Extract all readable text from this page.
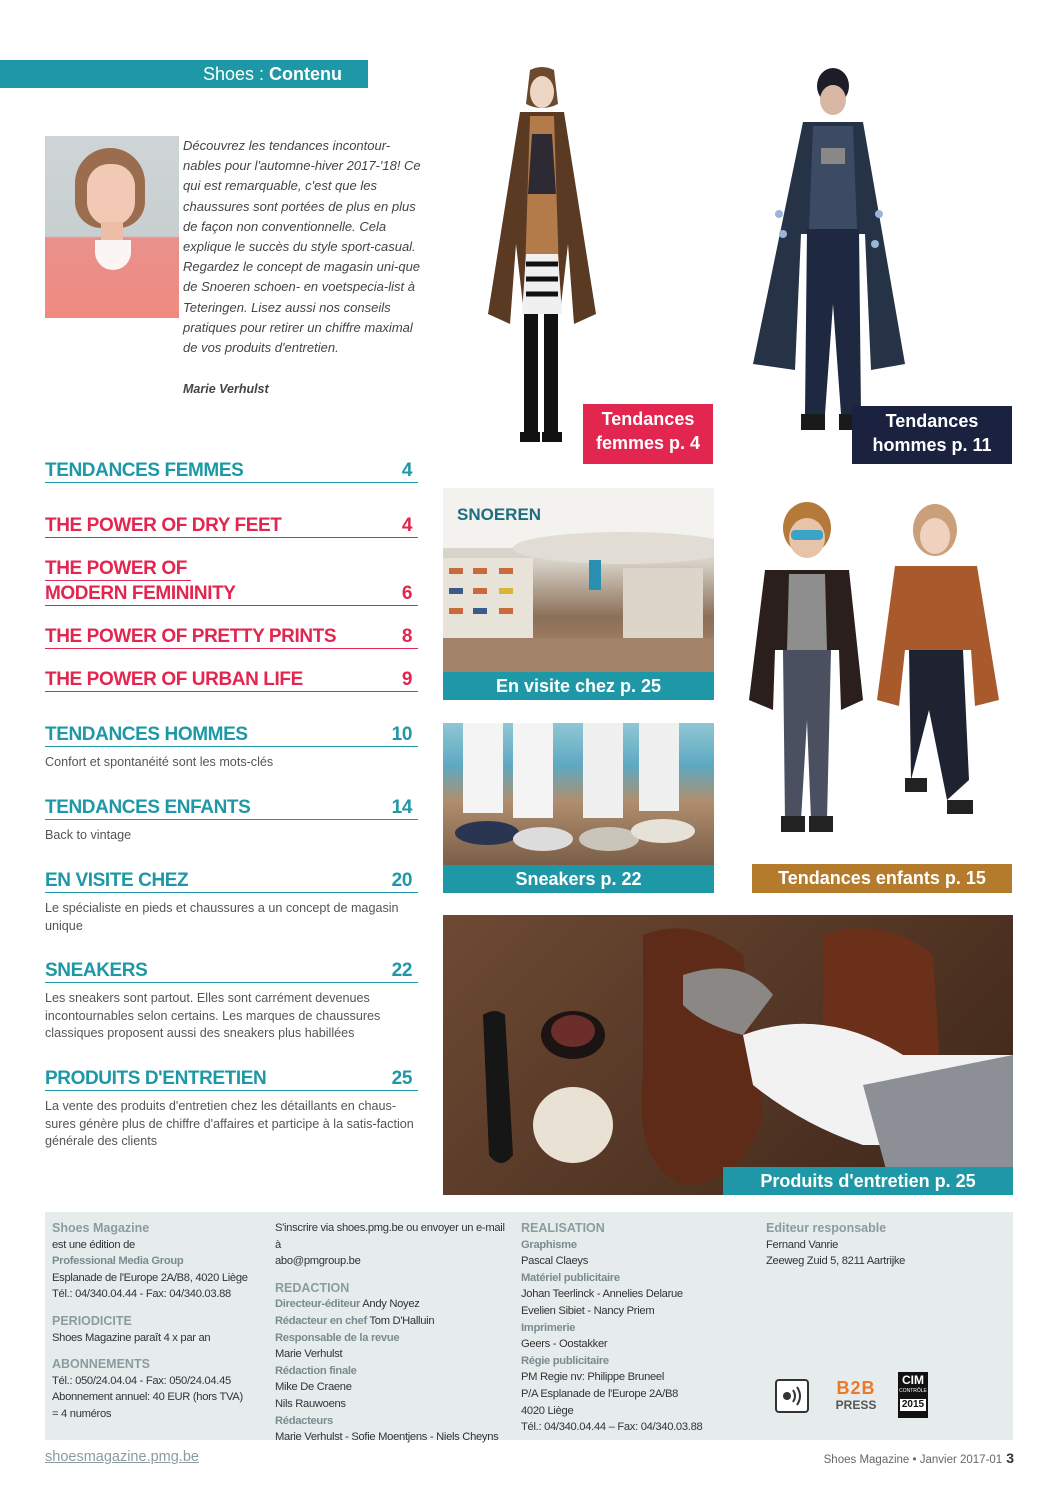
Shoes : Contenu
Découvrez les tendances incontour-nables pour l'automne-hiver 2017-'18! Ce qui est remarquable, c'est que les chaussures sont portées de plus en plus de façon non conventionnelle. Cela explique le succès du style sport-casual. Regardez le concept de magasin uni-que de Snoeren schoen- en voetspecia-list à Teteringen. Lisez aussi nos conseils pratiques pour retirer un chiffre maximal de vos produits d'entretien.
Marie Verhulst
TENDANCES FEMMES	4
THE POWER OF DRY FEET	4
THE POWER OF
MODERN FEMININITY	6
THE POWER OF PRETTY PRINTS	8
THE POWER OF URBAN LIFE	9
TENDANCES HOMMES	10
Confort et spontanéité sont les mots-clés
TENDANCES ENFANTS	14
Back to vintage
EN VISITE CHEZ	20
Le spécialiste en pieds et chaussures a un concept de magasin unique
SNEAKERS	22
Les sneakers sont partout. Elles sont carrément devenues incontournables selon certains. Les marques de chaussures classiques proposent aussi des sneakers plus habillées
PRODUITS D'ENTRETIEN	25
La vente des produits d'entretien chez les détaillants en chaus-sures génère plus de chiffre d'affaires et participe à la satis-faction générale des clients
Tendances femmes p. 4
Tendances hommes p. 11
SNOEREN
En visite chez p. 25
Sneakers p. 22	Tendances enfants p. 15
Produits d'entretien p. 25
Shoes Magazine
est une édition de
Professional Media Group
Esplanade de l'Europe 2A/B8, 4020 Liège
Tél.: 04/340.04.44 - Fax: 04/340.03.88
PERIODICITE
Shoes Magazine paraît 4 x par an
ABONNEMENTS
Tél.: 050/24.04.04 - Fax: 050/24.04.45
Abonnement annuel: 40 EUR (hors TVA)
= 4 numéros
S'inscrire via shoes.pmg.be ou envoyer un e-mail à
abo@pmgroup.be
REDACTION
Directeur-éditeur Andy Noyez
Rédacteur en chef Tom D'Halluin
Responsable de la revue
Marie Verhulst
Rédaction finale
Mike De Craene
Nils Rauwoens
Rédacteurs
Marie Verhulst - Sofie Moentjens - Niels Cheyns
REALISATION
Graphisme
Pascal Claeys
Matériel publicitaire
Johan Teerlinck - Annelies Delarue
Evelien Sibiet - Nancy Priem
Imprimerie
Geers - Oostakker
Régie publicitaire
PM Regie nv: Philippe Bruneel
P/A Esplanade de l'Europe 2A/B8
4020 Liège
Tél.: 04/340.04.44 – Fax: 04/340.03.88
Editeur responsable
Fernand Vanrie
Zeeweg Zuid 5, 8211 Aartrijke
B2B
PRESS
CIM
CONTRÔLE
2015
shoesmagazine.pmg.be	Shoes Magazine • Janvier 2017-01 3
